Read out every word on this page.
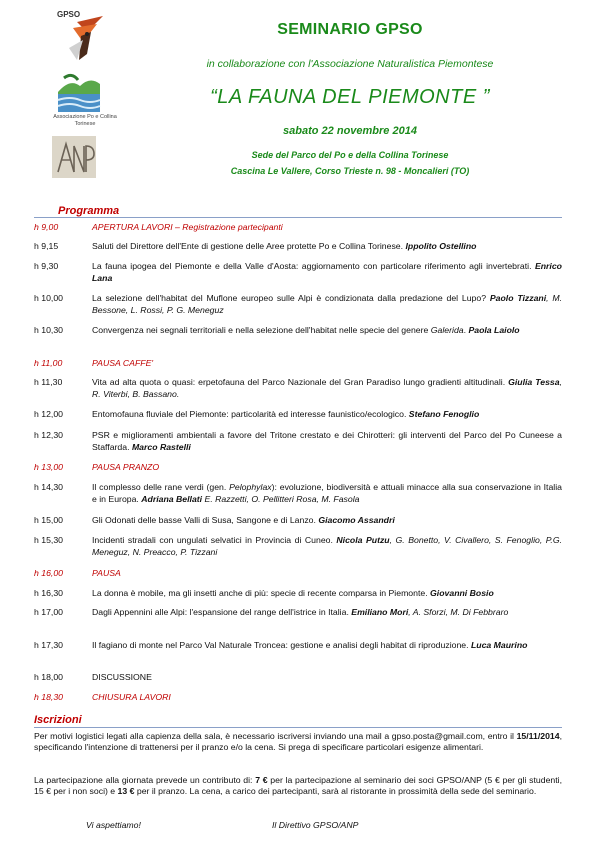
GPSO
Associazione Po e Collina Torinese
SEMINARIO GPSO
in collaborazione con l'Associazione Naturalistica Piemontese
“LA FAUNA DEL PIEMONTE ”
sabato 22 novembre 2014
Sede del Parco del Po e della Collina Torinese
Cascina Le Vallere, Corso Trieste n. 98 - Moncalieri (TO)
Programma
h 9,00	APERTURA LAVORI – Registrazione partecipanti
h 9,15	Saluti del Direttore dell'Ente di gestione delle Aree protette Po e Collina Torinese. Ippolito Ostellino
h 9,30	La fauna ipogea del Piemonte e della Valle d'Aosta: aggiornamento con particolare riferimento agli invertebrati. Enrico Lana
h 10,00	La selezione dell'habitat del Muflone europeo sulle Alpi è condizionata dalla predazione del Lupo? Paolo Tizzani, M. Bessone, L. Rossi, P. G. Meneguz
h 10,30	Convergenza nei segnali territoriali e nella selezione dell'habitat nelle specie del genere Galerida. Paola Laiolo
h 11,00	PAUSA CAFFE'
h 11,30	Vita ad alta quota o quasi: erpetofauna del Parco Nazionale del Gran Paradiso lungo gradienti altitudinali. Giulia Tessa, R. Viterbi, B. Bassano.
h 12,00	Entomofauna fluviale del Piemonte: particolarità ed interesse faunistico/ecologico. Stefano Fenoglio
h 12,30	PSR e miglioramenti ambientali a favore del Tritone crestato e dei Chirotteri: gli interventi del Parco del Po Cuneese a Staffarda. Marco Rastelli
h 13,00	PAUSA PRANZO
h 14,30	Il complesso delle rane verdi (gen. Pelophylax): evoluzione, biodiversità e attuali minacce alla sua conservazione in Italia e in Europa. Adriana Bellati E. Razzetti, O. Pellitteri Rosa, M. Fasola
h 15,00	Gli Odonati delle basse Valli di Susa, Sangone e di Lanzo. Giacomo Assandri
h 15,30	Incidenti stradali con ungulati selvatici in Provincia di Cuneo. Nicola Putzu, G. Bonetto, V. Civallero, S. Fenoglio, P.G. Meneguz, N. Preacco, P. Tizzani
h 16,00	PAUSA
h 16,30	La donna è mobile, ma gli insetti anche di più: specie di recente comparsa in Piemonte. Giovanni Bosio
h 17,00	Dagli Appennini alle Alpi: l'espansione del range dell'istrice in Italia. Emiliano Mori, A. Sforzi, M. Di Febbraro
h 17,30	Il fagiano di monte nel Parco Val Naturale Troncea: gestione e analisi degli habitat di riproduzione. Luca Maurino
h 18,00	DISCUSSIONE
h 18,30	CHIUSURA LAVORI
Iscrizioni
Per motivi logistici legati alla capienza della sala, è necessario iscriversi inviando una mail a gpso.posta@gmail.com, entro il 15/11/2014, specificando l'intenzione di trattenersi per il pranzo e/o la cena. Si prega di specificare particolari esigenze alimentari.
La partecipazione alla giornata prevede un contributo di: 7 € per la partecipazione al seminario dei soci GPSO/ANP (5 € per gli studenti, 15 € per i non soci) e 13 € per il pranzo. La cena, a carico dei partecipanti, sarà al ristorante in prossimità della sede del seminario.
Vi aspettiamo!	Il Direttivo GPSO/ANP
